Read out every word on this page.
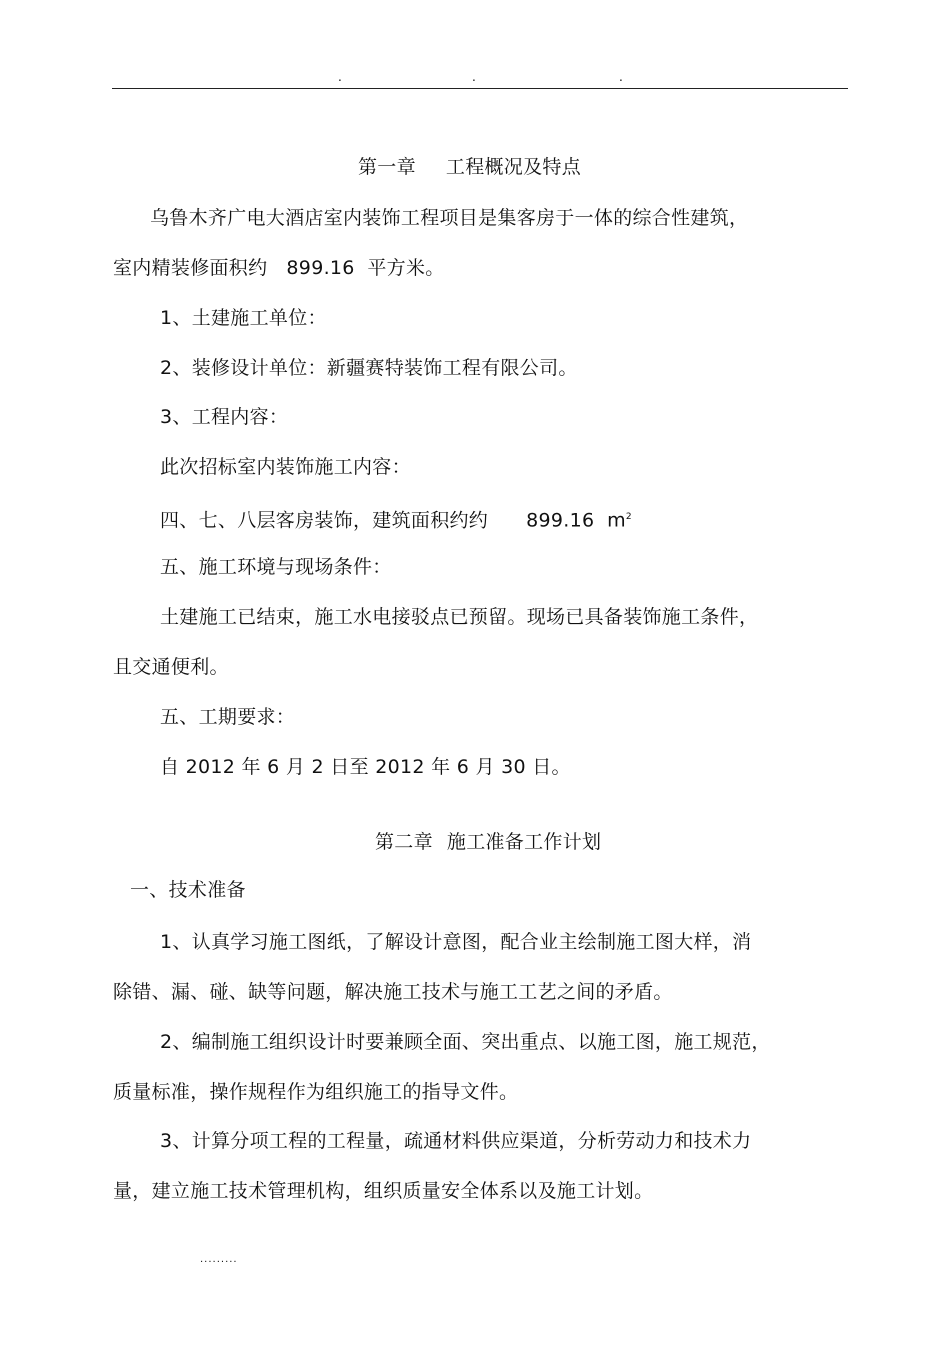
.	.	.
第一章 工程概况及特点
乌鲁木齐广电大酒店室内装饰工程项目是集客房于一体的综合性建筑，
室内精装修面积约   899.16  平方米。
1、土建施工单位：
2、装修设计单位：新疆赛特装饰工程有限公司。
3、工程内容：
此次招标室内装饰施工内容：
四、七、八层客房装饰，建筑面积约约      899.16  $m^2$
五、施工环境与现场条件：
土建施工已结束，施工水电接驳点已预留。现场已具备装饰施工条件，
且交通便利。
五、工期要求：
自 2012 年 6 月 2 日至 2012 年 6 月 30 日。
第二章 施工准备工作计划
一、技术准备
1、认真学习施工图纸，了解设计意图，配合业主绘制施工图大样，消
除错、漏、碰、缺等问题，解决施工技术与施工工艺之间的矛盾。
2、编制施工组织设计时要兼顾全面、突出重点、以施工图，施工规范，
质量标准，操作规程作为组织施工的指导文件。
3、计算分项工程的工程量，疏通材料供应渠道，分析劳动力和技术力
量，建立施工技术管理机构，组织质量安全体系以及施工计划。
.........
